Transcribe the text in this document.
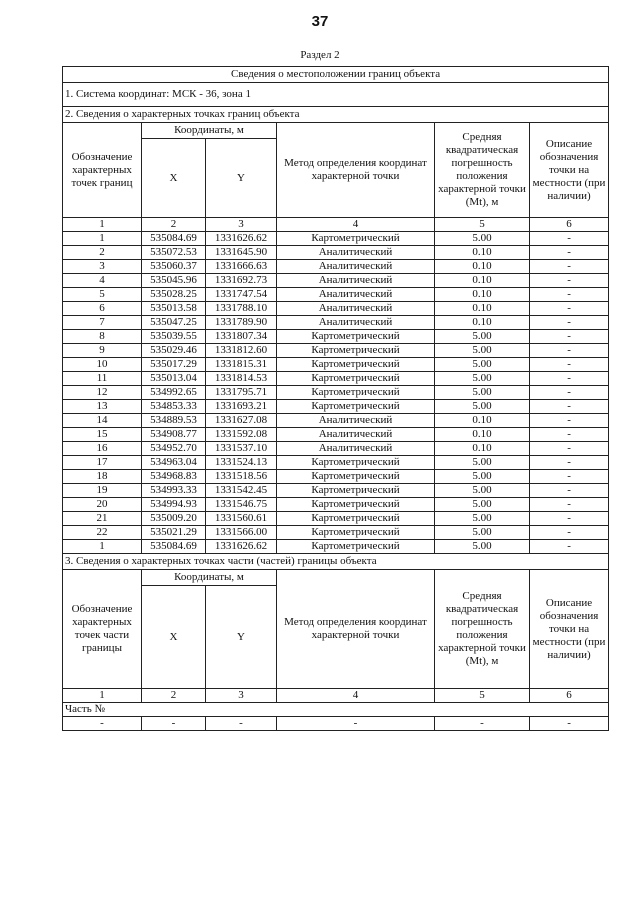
37
Раздел 2
Сведения о местоположении границ объекта					
1. Система координат: МСК - 36, зона 1					
2. Сведения о характерных точках границ объекта					
Обозначение характерных точек границ	Координаты, м		Метод определения координат характерной точки	Средняя квадратическая погрешность положения характерной точки (Mt), м	Описание обозначения точки на местности (при наличии)
	X	Y			
1	2	3	4	5	6
1	535084.69	1331626.62	Картометрический	5.00	-
2	535072.53	1331645.90	Аналитический	0.10	-
3	535060.37	1331666.63	Аналитический	0.10	-
4	535045.96	1331692.73	Аналитический	0.10	-
5	535028.25	1331747.54	Аналитический	0.10	-
6	535013.58	1331788.10	Аналитический	0.10	-
7	535047.25	1331789.90	Аналитический	0.10	-
8	535039.55	1331807.34	Картометрический	5.00	-
9	535029.46	1331812.60	Картометрический	5.00	-
10	535017.29	1331815.31	Картометрический	5.00	-
11	535013.04	1331814.53	Картометрический	5.00	-
12	534992.65	1331795.71	Картометрический	5.00	-
13	534853.33	1331693.21	Картометрический	5.00	-
14	534889.53	1331627.08	Аналитический	0.10	-
15	534908.77	1331592.08	Аналитический	0.10	-
16	534952.70	1331537.10	Аналитический	0.10	-
17	534963.04	1331524.13	Картометрический	5.00	-
18	534968.83	1331518.56	Картометрический	5.00	-
19	534993.33	1331542.45	Картометрический	5.00	-
20	534994.93	1331546.75	Картометрический	5.00	-
21	535009.20	1331560.61	Картометрический	5.00	-
22	535021.29	1331566.00	Картометрический	5.00	-
1	535084.69	1331626.62	Картометрический	5.00	-
3. Сведения о характерных точках части (частей) границы объекта					
Обозначение характерных точек части границы	Координаты, м		Метод определения координат характерной точки	Средняя квадратическая погрешность положения характерной точки (Mt), м	Описание обозначения точки на местности (при наличии)
	X	Y			
1	2	3	4	5	6
Часть №					
-	-	-	-	-	-
